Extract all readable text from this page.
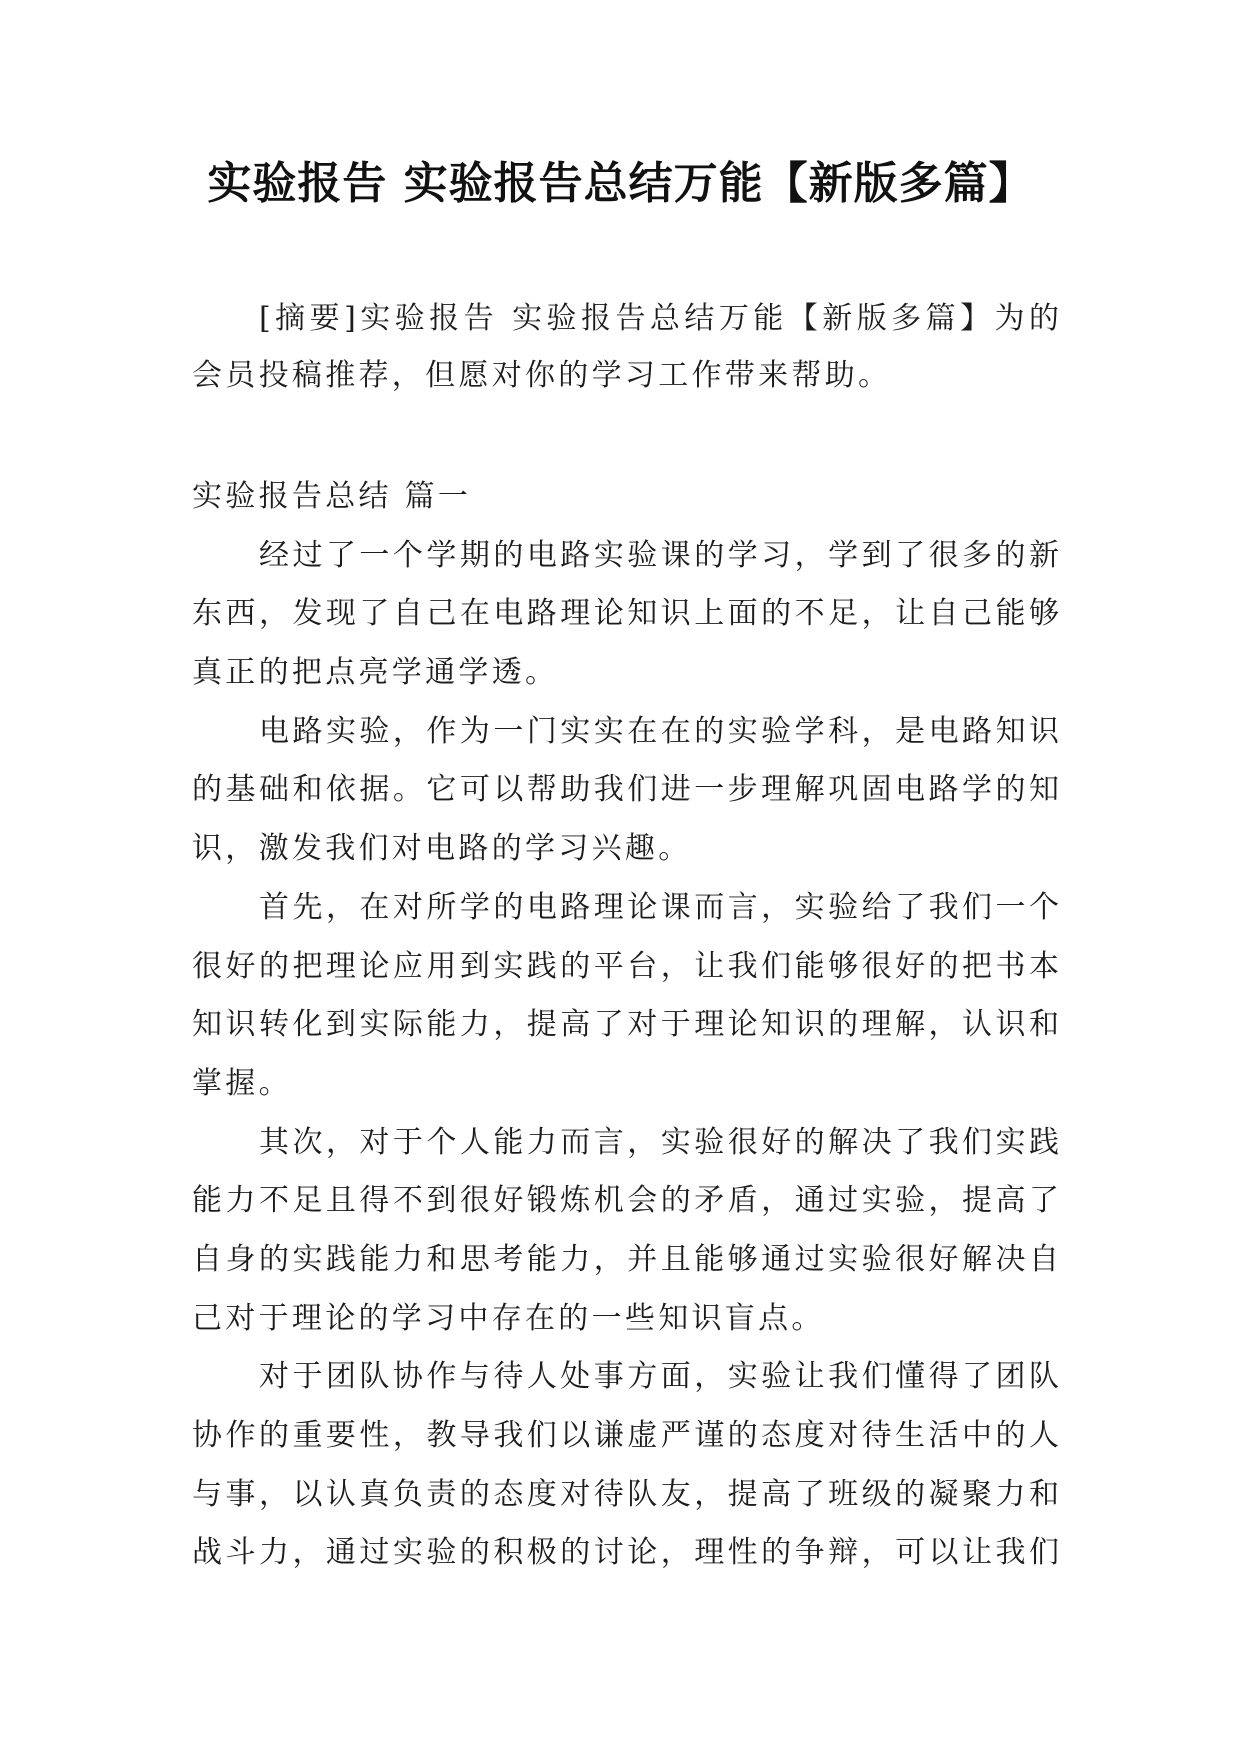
实验报告 实验报告总结万能【新版多篇】
[摘要]实验报告 实验报告总结万能【新版多篇】为的
会员投稿推荐，但愿对你的学习工作带来帮助。
实验报告总结 篇一
经过了一个学期的电路实验课的学习，学到了很多的新
东西，发现了自己在电路理论知识上面的不足，让自己能够
真正的把点亮学通学透。
电路实验，作为一门实实在在的实验学科，是电路知识
的基础和依据。它可以帮助我们进一步理解巩固电路学的知
识，激发我们对电路的学习兴趣。
首先，在对所学的电路理论课而言，实验给了我们一个
很好的把理论应用到实践的平台，让我们能够很好的把书本
知识转化到实际能力，提高了对于理论知识的理解，认识和
掌握。
其次，对于个人能力而言，实验很好的解决了我们实践
能力不足且得不到很好锻炼机会的矛盾，通过实验，提高了
自身的实践能力和思考能力，并且能够通过实验很好解决自
己对于理论的学习中存在的一些知识盲点。
对于团队协作与待人处事方面，实验让我们懂得了团队
协作的重要性，教导我们以谦虚严谨的态度对待生活中的人
与事，以认真负责的态度对待队友，提高了班级的凝聚力和
战斗力，通过实验的积极的讨论，理性的争辩，可以让我们
